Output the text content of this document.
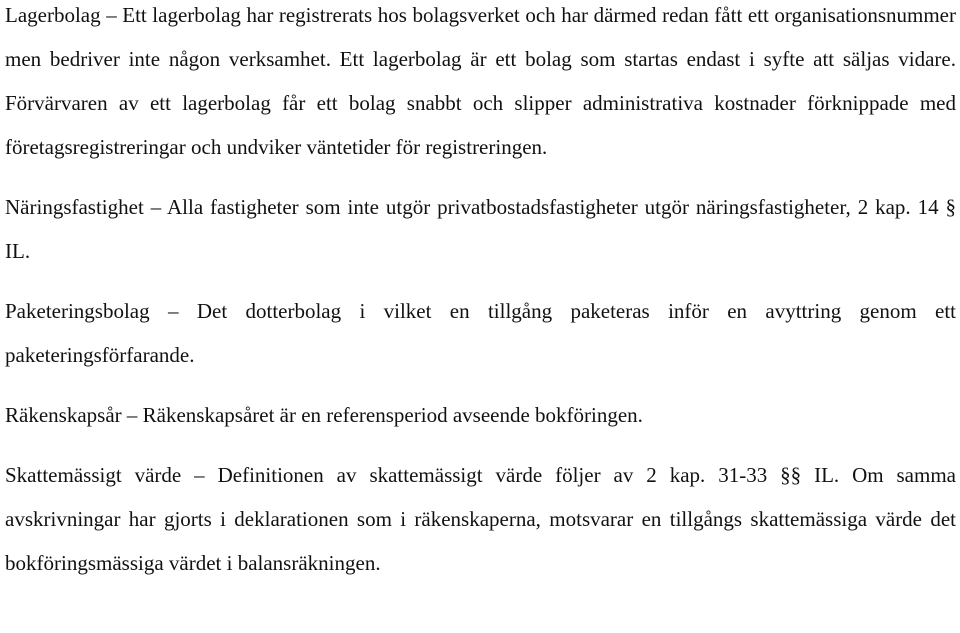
Lagerbolag – Ett lagerbolag har registrerats hos bolagsverket och har därmed redan fått ett organisationsnummer men bedriver inte någon verksamhet. Ett lagerbolag är ett bolag som startas endast i syfte att säljas vidare. Förvärvaren av ett lagerbolag får ett bolag snabbt och slipper administrativa kostnader förknippade med företagsregistreringar och undviker väntetider för registreringen.

Näringsfastighet – Alla fastigheter som inte utgör privatbostadsfastigheter utgör näringsfastigheter, 2 kap. 14 § IL.

Paketeringsbolag – Det dotterbolag i vilket en tillgång paketeras inför en avyttring genom ett paketeringsförfarande.

Räkenskapsår – Räkenskapsåret är en referensperiod avseende bokföringen.

Skattemässigt värde – Definitionen av skattemässigt värde följer av 2 kap. 31-33 §§ IL. Om samma avskrivningar har gjorts i deklarationen som i räkenskaperna, motsvarar en tillgångs skattemässiga värde det bokföringsmässiga värdet i balansräkningen.
